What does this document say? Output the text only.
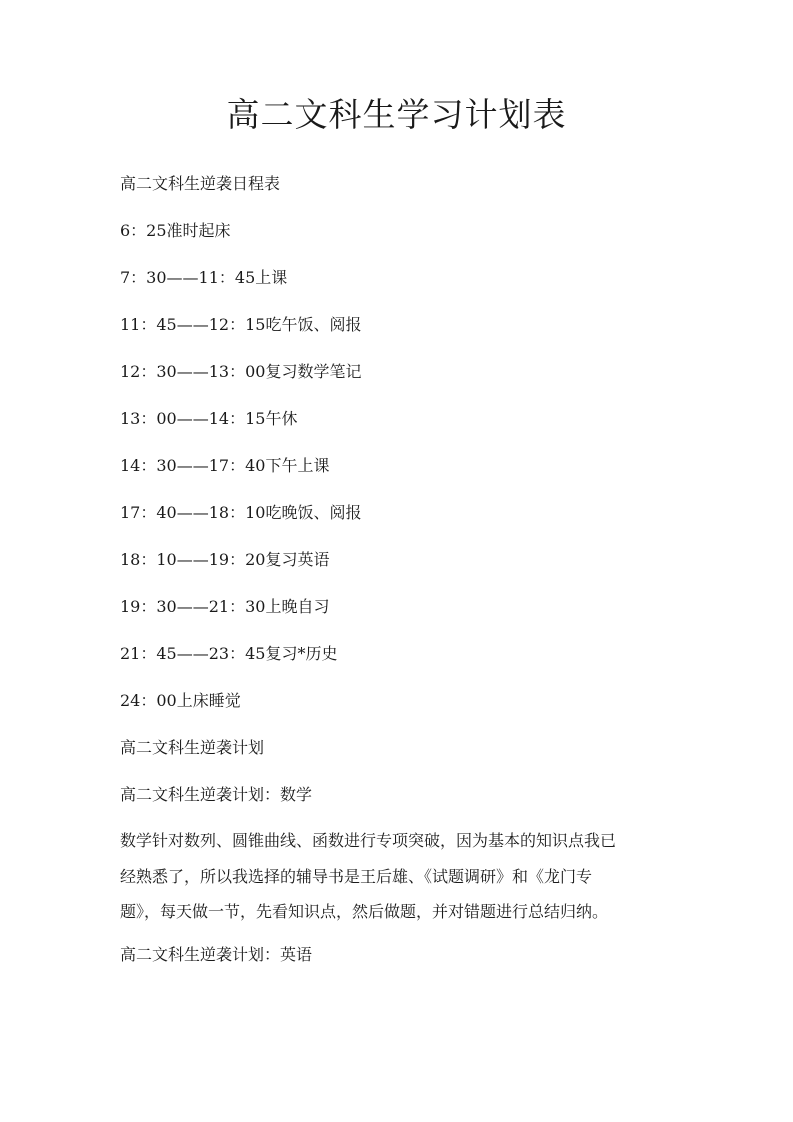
高二文科生学习计划表

高二文科生逆袭日程表

6：25准时起床

7：30——11：45上课

11：45——12：15吃午饭、阅报

12：30——13：00复习数学笔记

13：00——14：15午休

14：30——17：40下午上课

17：40——18：10吃晚饭、阅报

18：10——19：20复习英语

19：30——21：30上晚自习

21：45——23：45复习*历史

24：00上床睡觉

高二文科生逆袭计划

高二文科生逆袭计划：数学

数学针对数列、圆锥曲线、函数进行专项突破，因为基本的知识点我已

经熟悉了，所以我选择的辅导书是王后雄、《试题调研》和《龙门专

题》，每天做一节，先看知识点，然后做题，并对错题进行总结归纳。

高二文科生逆袭计划：英语
